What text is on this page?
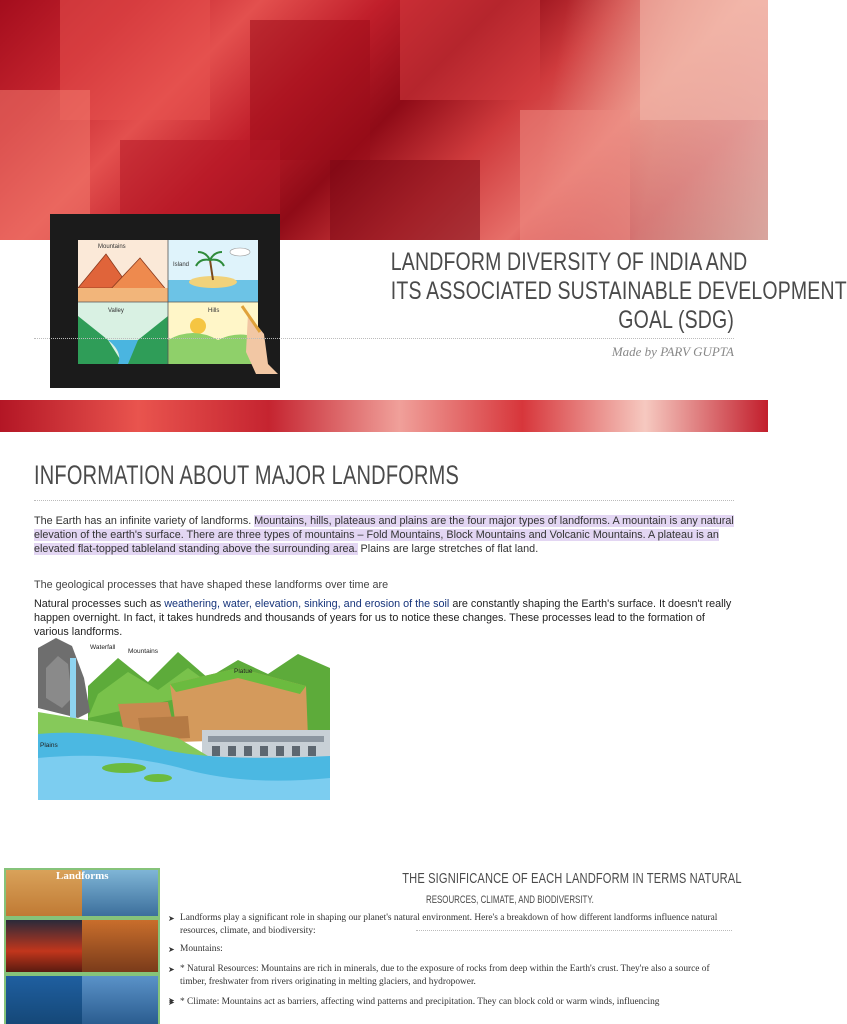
Mountains
Island
Valley	Hills
LANDFORM DIVERSITY OF INDIA AND
ITS ASSOCIATED SUSTAINABLE DEVELOPMENT
GOAL (SDG)
Made by PARV GUPTA
INFORMATION ABOUT MAJOR LANDFORMS
The Earth has an infinite variety of landforms. Mountains, hills, plateaus and plains are the four major types of landforms. A mountain is any natural elevation of the earth's surface. There are three types of mountains – Fold Mountains, Block Mountains and Volcanic Mountains. A plateau is an elevated flat-topped tableland standing above the surrounding area. Plains are large stretches of flat land.
The geological processes that have shaped these landforms over time are
Natural processes such as weathering, water, elevation, sinking, and erosion of the soil are constantly shaping the Earth's surface. It doesn't really happen overnight. In fact, it takes hundreds and thousands of years for us to notice these changes. These processes lead to the formation of various landforms.
Waterfall
Mountains
Platue
Plains
Landforms	THE SIGNIFICANCE OF EACH LANDFORM IN TERMS NATURAL
RESOURCES, CLIMATE, AND BIODIVERSITY.
➤ Landforms play a significant role in shaping our planet's natural environment. Here's a breakdown of how different landforms influence natural resources, climate, and biodiversity:
➤ Mountains:
➤ * Natural Resources: Mountains are rich in minerals, due to the exposure of rocks from deep within the Earth's crust. They're also a source of timber, freshwater from rivers originating in melting glaciers, and hydropower.
➤ * Climate: Mountains act as barriers, affecting wind patterns and precipitation. They can block cold or warm winds, influencing
